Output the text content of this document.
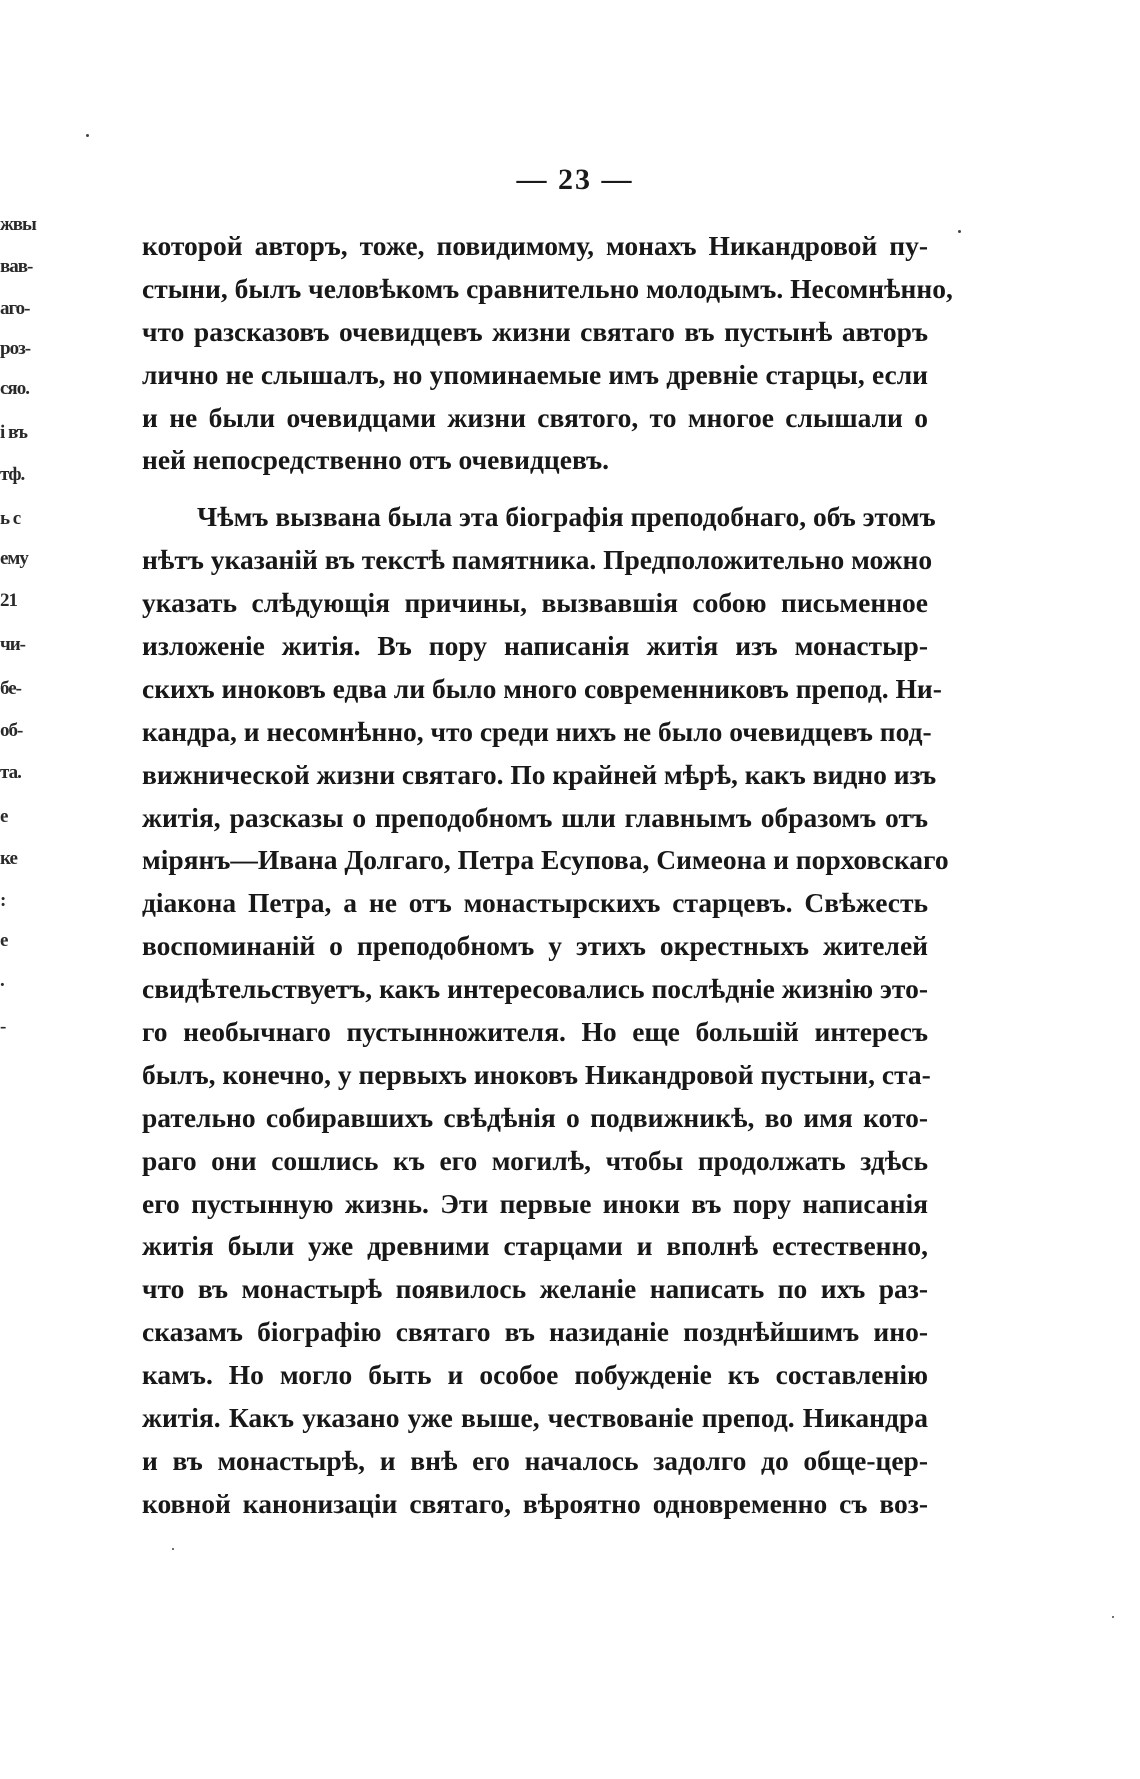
жвы
вав-
аго-
роз-
сяо.
і въ
тф.
ь с
ему
21
чи-
бе-
об-
та.
е
ке
:
е
.
-
— 23 —
которой авторъ, тоже, повидимому, монахъ Никандровой пу-
стыни, былъ человѣкомъ сравнительно молодымъ. Несомнѣнно,
что разсказовъ очевидцевъ жизни святаго въ пустынѣ авторъ
лично не слышалъ, но упоминаемые имъ древніе старцы, если
и не были очевидцами жизни святого, то многое слышали о
ней непосредственно отъ очевидцевъ.
Чѣмъ вызвана была эта біографія преподобнаго, объ этомъ
нѣтъ указаній въ текстѣ памятника. Предположительно можно
указать слѣдующія причины, вызвавшія собою письменное
изложеніе житія. Въ пору написанія житія изъ монастыр-
скихъ иноковъ едва ли было много современниковъ препод. Ни-
кандра, и несомнѣнно, что среди нихъ не было очевидцевъ под-
вижнической жизни святаго. По крайней мѣрѣ, какъ видно изъ
житія, разсказы о преподобномъ шли главнымъ образомъ отъ
мірянъ—Ивана Долгаго, Петра Есупова, Симеона и порховскаго
діакона Петра, а не отъ монастырскихъ старцевъ. Свѣжесть
воспоминаній о преподобномъ у этихъ окрестныхъ жителей
свидѣтельствуетъ, какъ интересовались послѣдніе жизнію это-
го необычнаго пустынножителя. Но еще большій интересъ
былъ, конечно, у первыхъ иноковъ Никандровой пустыни, ста-
рательно собиравшихъ свѣдѣнія о подвижникѣ, во имя кото-
раго они сошлись къ его могилѣ, чтобы продолжать здѣсь
его пустынную жизнь. Эти первые иноки въ пору написанія
житія были уже древними старцами и вполнѣ естественно,
что въ монастырѣ появилось желаніе написать по ихъ раз-
сказамъ біографію святаго въ назиданіе позднѣйшимъ ино-
камъ. Но могло быть и особое побужденіе къ составленію
житія. Какъ указано уже выше, чествованіе препод. Никандра
и въ монастырѣ, и внѣ его началось задолго до обще-цер-
ковной канонизаціи святаго, вѣроятно одновременно съ воз-
